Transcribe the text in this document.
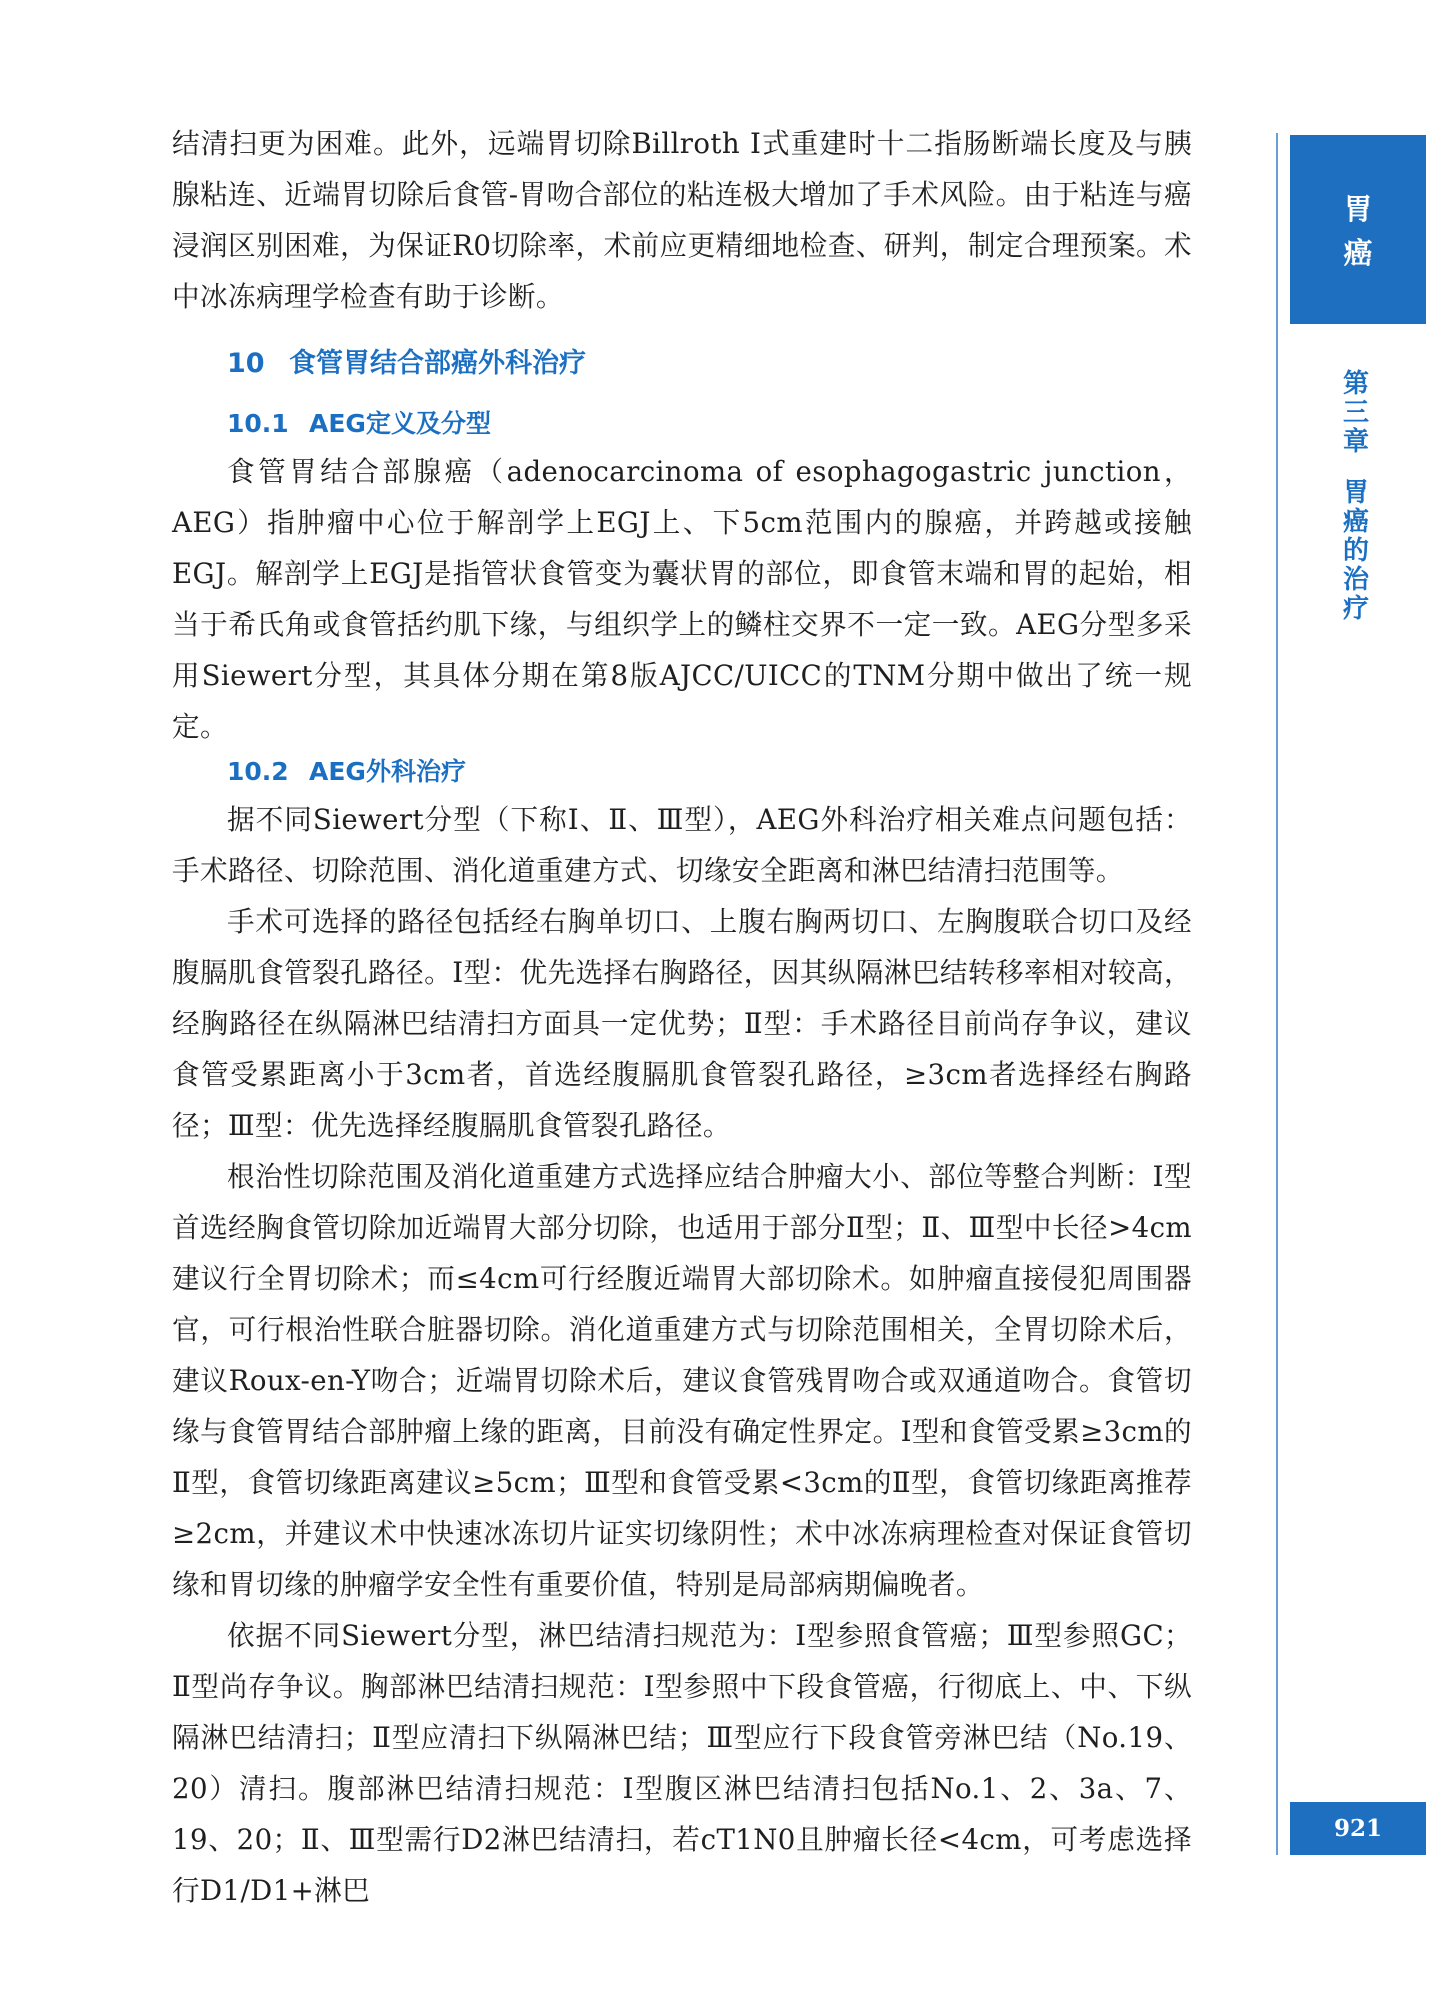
胃
癌
第
三
章
胃
癌
的
治
疗
921

结清扫更为困难。此外，远端胃切除Billroth I式重建时十二指肠断端长度及与胰腺粘连、近端胃切除后食管-胃吻合部位的粘连极大增加了手术风险。由于粘连与癌浸润区别困难，为保证R0切除率，术前应更精细地检查、研判，制定合理预案。术中冰冻病理学检查有助于诊断。

10 食管胃结合部癌外科治疗
10.1 AEG定义及分型

食管胃结合部腺癌（adenocarcinoma of esophagogastric junction，AEG）指肿瘤中心位于解剖学上EGJ上、下5cm范围内的腺癌，并跨越或接触EGJ。解剖学上EGJ是指管状食管变为囊状胃的部位，即食管末端和胃的起始，相当于希氏角或食管括约肌下缘，与组织学上的鳞柱交界不一定一致。AEG分型多采用Siewert分型，其具体分期在第8版AJCC/UICC的TNM分期中做出了统一规定。

10.2 AEG外科治疗

据不同Siewert分型（下称Ⅰ、Ⅱ、Ⅲ型），AEG外科治疗相关难点问题包括：手术路径、切除范围、消化道重建方式、切缘安全距离和淋巴结清扫范围等。

手术可选择的路径包括经右胸单切口、上腹右胸两切口、左胸腹联合切口及经腹膈肌食管裂孔路径。Ⅰ型：优先选择右胸路径，因其纵隔淋巴结转移率相对较高，经胸路径在纵隔淋巴结清扫方面具一定优势；Ⅱ型：手术路径目前尚存争议，建议食管受累距离小于3cm者，首选经腹膈肌食管裂孔路径，≥3cm者选择经右胸路径；Ⅲ型：优先选择经腹膈肌食管裂孔路径。

根治性切除范围及消化道重建方式选择应结合肿瘤大小、部位等整合判断：Ⅰ型首选经胸食管切除加近端胃大部分切除，也适用于部分Ⅱ型；Ⅱ、Ⅲ型中长径>4cm建议行全胃切除术；而≤4cm可行经腹近端胃大部切除术。如肿瘤直接侵犯周围器官，可行根治性联合脏器切除。消化道重建方式与切除范围相关，全胃切除术后，建议Roux-en-Y吻合；近端胃切除术后，建议食管残胃吻合或双通道吻合。食管切缘与食管胃结合部肿瘤上缘的距离，目前没有确定性界定。Ⅰ型和食管受累≥3cm的Ⅱ型，食管切缘距离建议≥5cm；Ⅲ型和食管受累<3cm的Ⅱ型，食管切缘距离推荐≥2cm，并建议术中快速冰冻切片证实切缘阴性；术中冰冻病理检查对保证食管切缘和胃切缘的肿瘤学安全性有重要价值，特别是局部病期偏晚者。

依据不同Siewert分型，淋巴结清扫规范为：Ⅰ型参照食管癌；Ⅲ型参照GC；Ⅱ型尚存争议。胸部淋巴结清扫规范：Ⅰ型参照中下段食管癌，行彻底上、中、下纵隔淋巴结清扫；Ⅱ型应清扫下纵隔淋巴结；Ⅲ型应行下段食管旁淋巴结（No.19、20）清扫。腹部淋巴结清扫规范：Ⅰ型腹区淋巴结清扫包括No.1、2、3a、7、19、20；Ⅱ、Ⅲ型需行D2淋巴结清扫，若cT1N0且肿瘤长径<4cm，可考虑选择行D1/D1+淋巴
